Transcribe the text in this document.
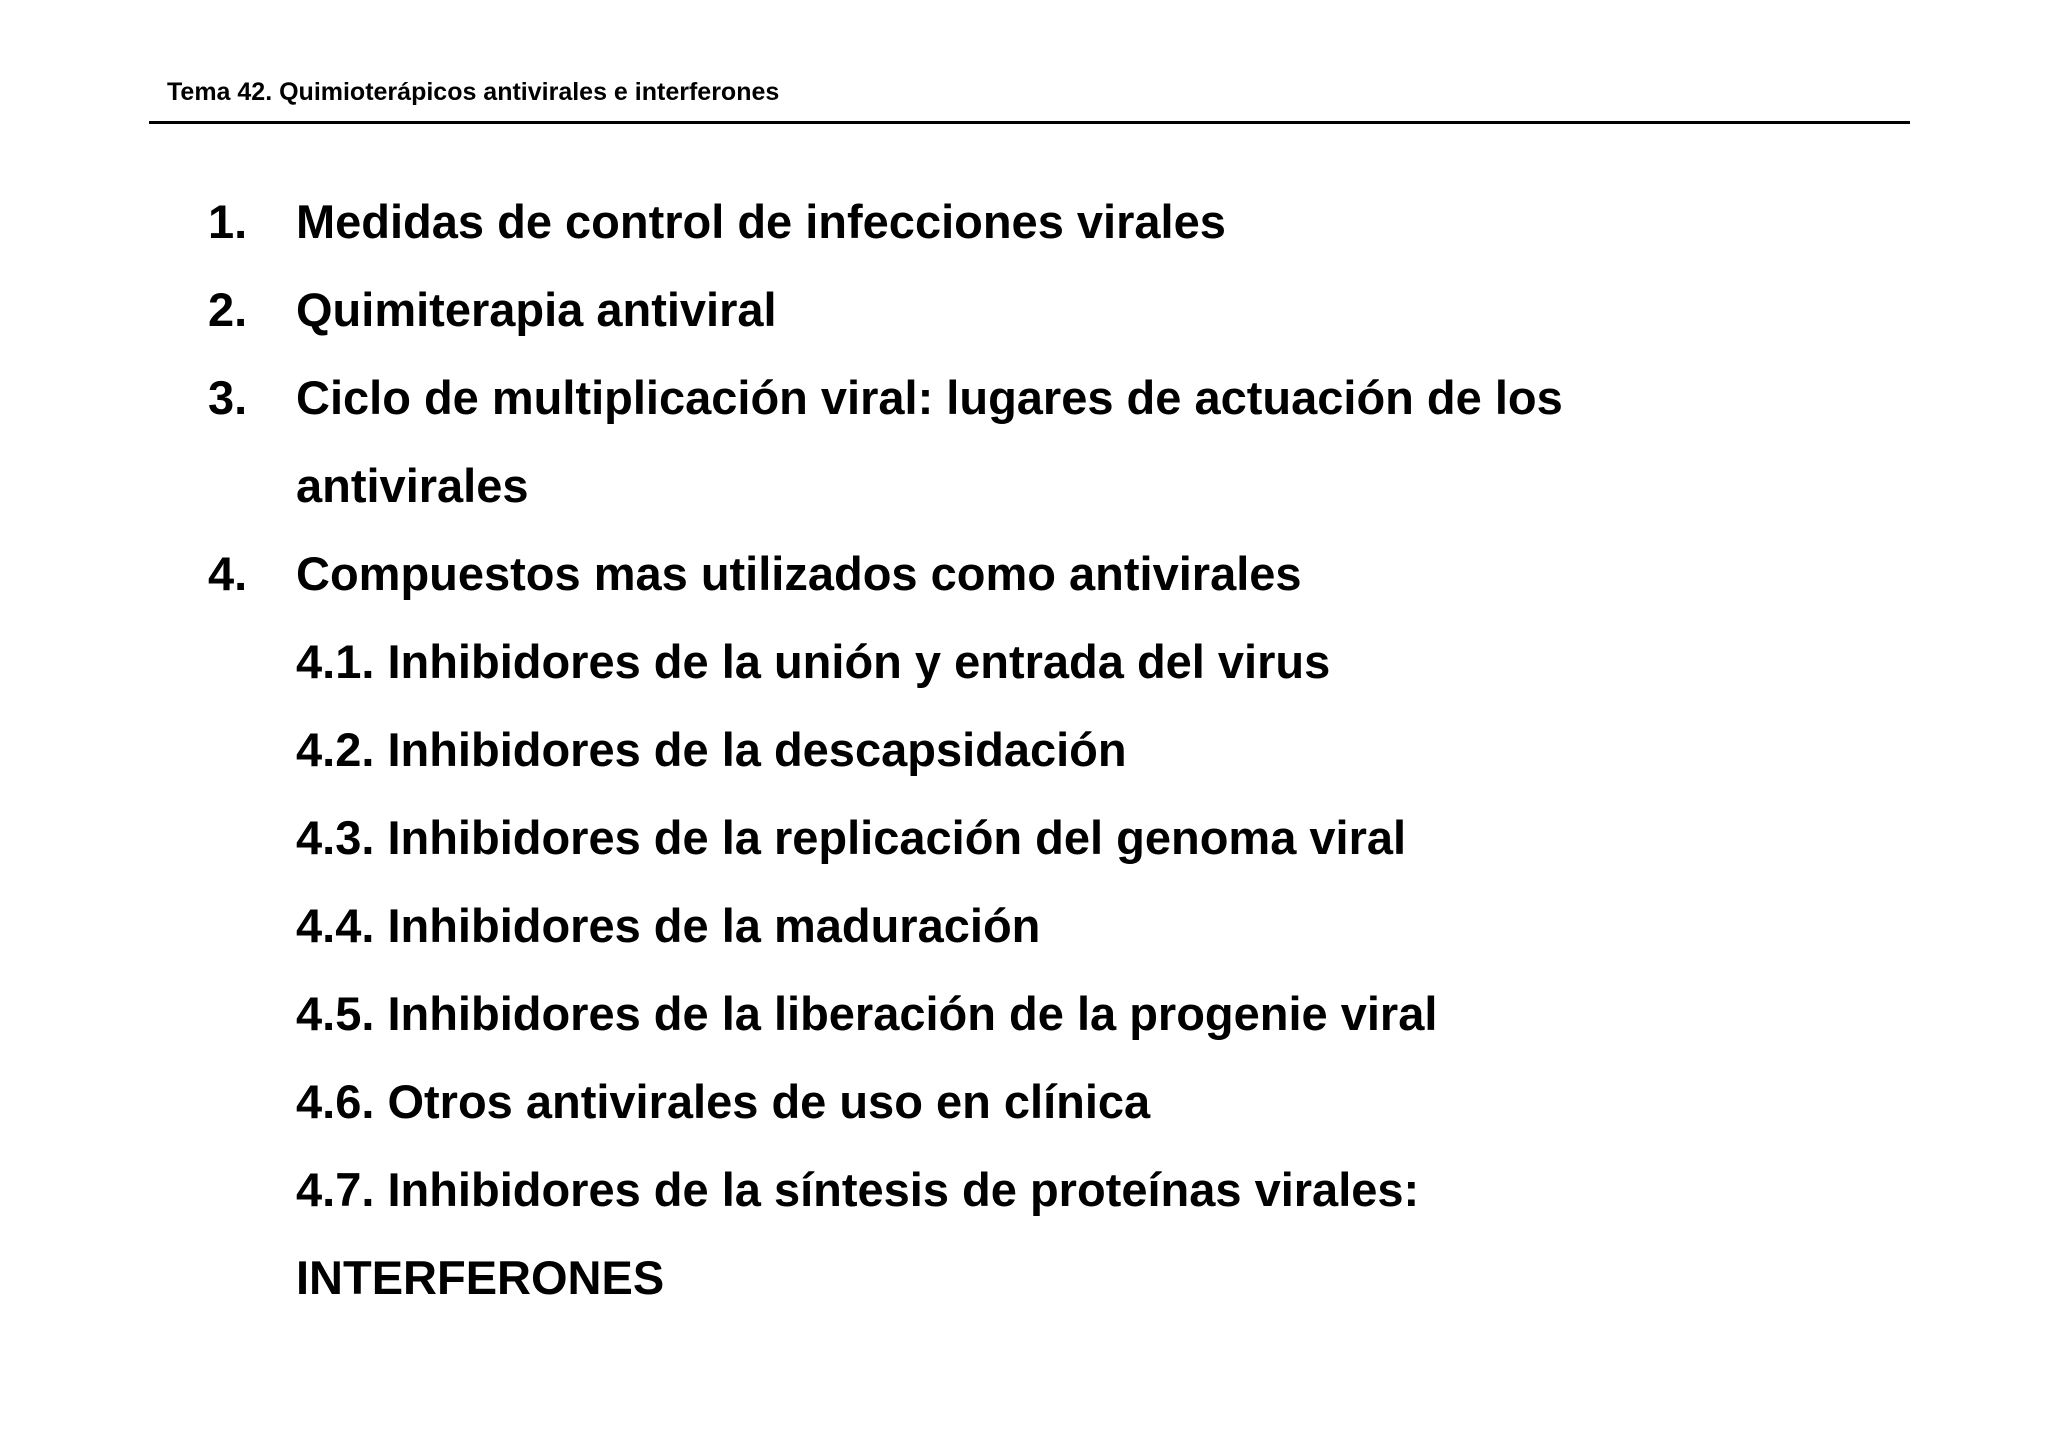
Tema 42. Quimioterápicos antivirales e interferones
1. Medidas de control de infecciones virales
2. Quimiterapia antiviral
3. Ciclo de multiplicación viral: lugares de actuación de los
antivirales
4. Compuestos mas utilizados como antivirales
4.1. Inhibidores de la unión y entrada del virus
4.2. Inhibidores de la descapsidación
4.3. Inhibidores de la replicación del genoma viral
4.4. Inhibidores de la maduración
4.5. Inhibidores de la liberación de la progenie viral
4.6. Otros antivirales de uso en clínica
4.7. Inhibidores de la síntesis de proteínas virales:
INTERFERONES
